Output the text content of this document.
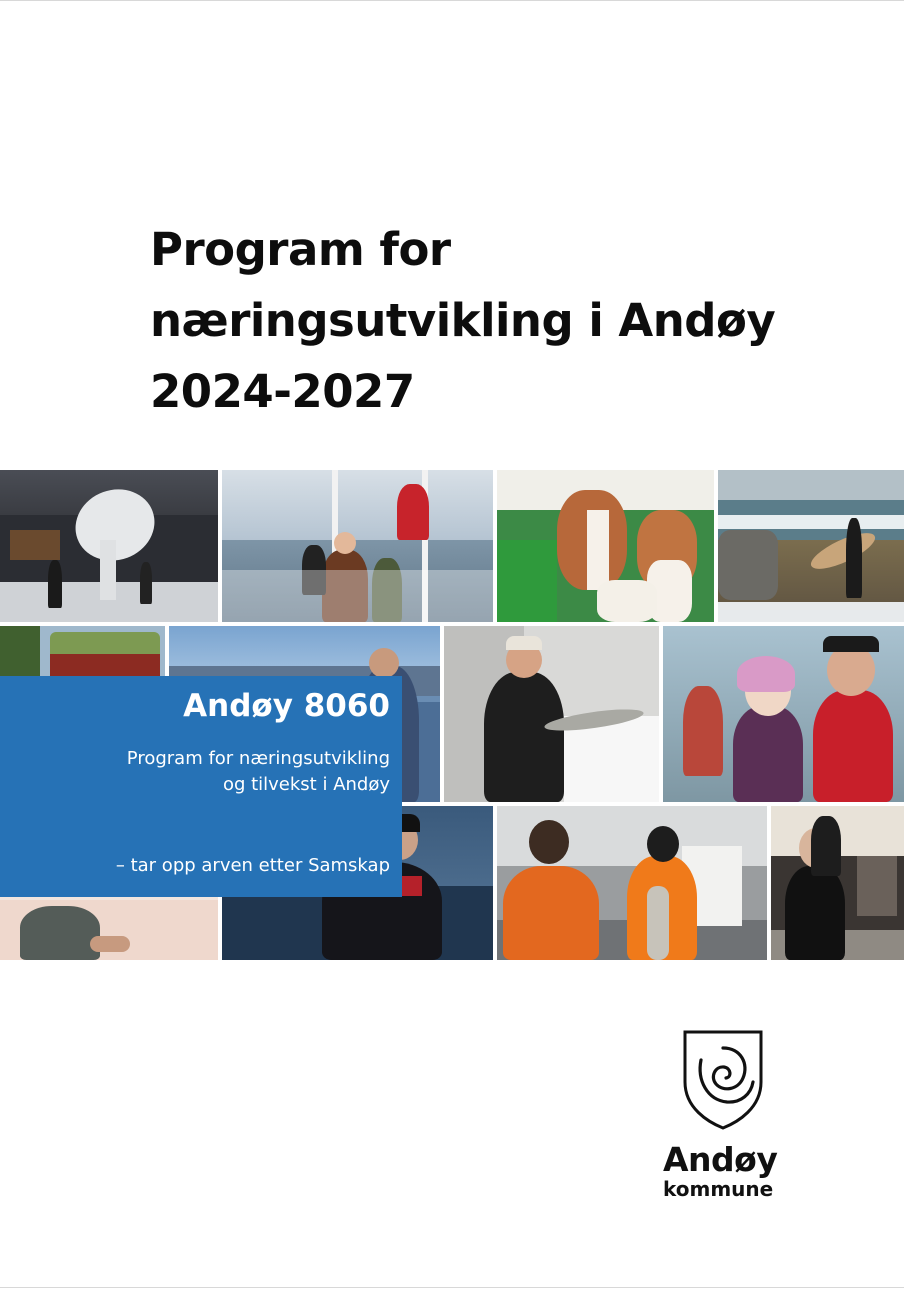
Program for
næringsutvikling i Andøy
2024-2027
Andøy 8060

Program for næringsutvikling
og tilvekst i Andøy

– tar opp arven etter Samskap

Andøy
kommune
